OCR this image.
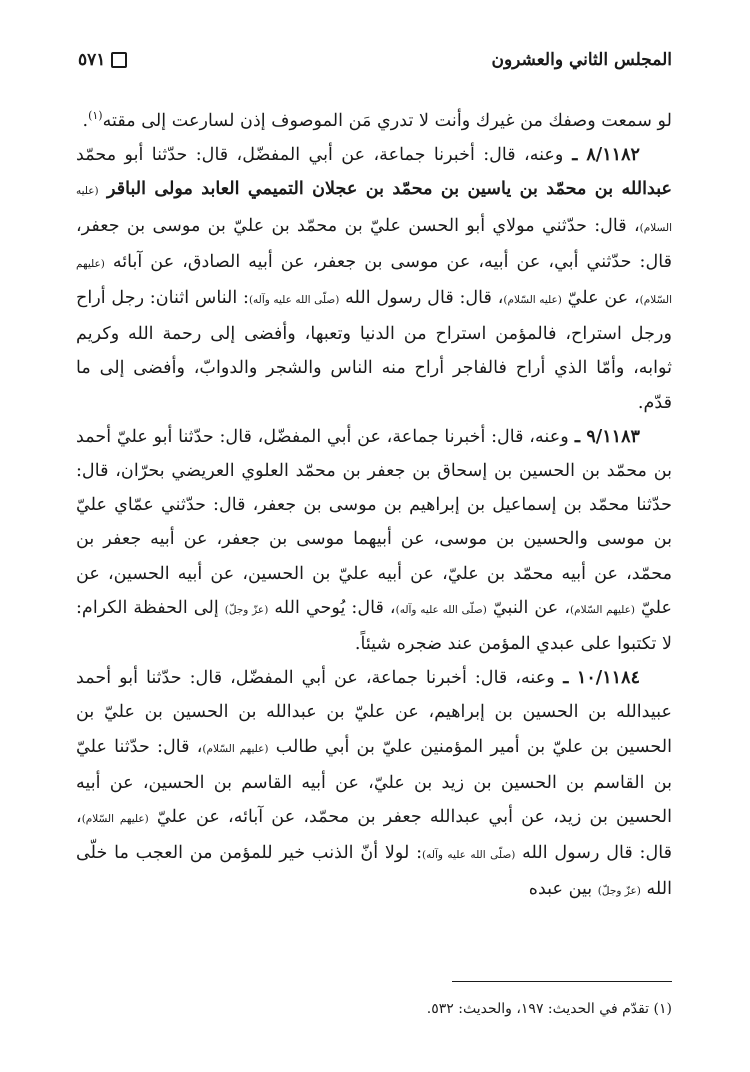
المجلس الثاني والعشرون
٥٧١

لو سمعت وصفك من غيرك وأنت لا تدري مَن الموصوف إذن لسارعت إلى مقته$^{(١)}$.

٨/١١٨٢ ـ وعنه، قال: أخبرنا جماعة، عن أبي المفضّل، قال: حدّثنا أبو محمّد عبدالله بن محمّد بن ياسين بن محمّد بن عجلان التميمي العابد مولى الباقر (عليه السلام)، قال: حدّثني مولاي أبو الحسن عليّ بن محمّد بن عليّ بن موسى بن جعفر، قال: حدّثني أبي، عن أبيه، عن موسى بن جعفر، عن أبيه الصادق، عن آبائه (عليهم السّلام)، عن عليّ (عليه السّلام)، قال: قال رسول الله (صلّى الله عليه وآله): الناس اثنان: رجل أراح ورجل استراح، فالمؤمن استراح من الدنيا وتعبها، وأفضى إلى رحمة الله وكريم ثوابه، وأمّا الذي أراح فالفاجر أراح منه الناس والشجر والدوابّ، وأفضى إلى ما قدّم.

٩/١١٨٣ ـ وعنه، قال: أخبرنا جماعة، عن أبي المفضّل، قال: حدّثنا أبو عليّ أحمد بن محمّد بن الحسين بن إسحاق بن جعفر بن محمّد العلوي العريضي بحرّان، قال: حدّثنا محمّد بن إسماعيل بن إبراهيم بن موسى بن جعفر، قال: حدّثني عمّاي عليّ بن موسى والحسين بن موسى، عن أبيهما موسى بن جعفر، عن أبيه جعفر بن محمّد، عن أبيه محمّد بن عليّ، عن أبيه عليّ بن الحسين، عن أبيه الحسين، عن عليّ (عليهم السّلام)، عن النبيّ (صلّى الله عليه وآله)، قال: يُوحي الله (عزّ وجلّ) إلى الحفظة الكرام: لا تكتبوا على عبدي المؤمن عند ضجره شيئاً.

١٠/١١٨٤ ـ وعنه، قال: أخبرنا جماعة، عن أبي المفضّل، قال: حدّثنا أبو أحمد عبيدالله بن الحسين بن إبراهيم، عن عليّ بن عبدالله بن الحسين بن عليّ بن الحسين بن عليّ بن أمير المؤمنين عليّ بن أبي طالب (عليهم السّلام)، قال: حدّثنا عليّ بن القاسم بن الحسين بن زيد بن عليّ، عن أبيه القاسم بن الحسين، عن أبيه الحسين بن زيد، عن أبي عبدالله جعفر بن محمّد، عن آبائه، عن عليّ (عليهم السّلام)، قال: قال رسول الله (صلّى الله عليه وآله): لولا أنّ الذنب خير للمؤمن من العجب ما خلّى الله (عزّ وجلّ) بين عبده

(١) تقدّم في الحديث: ١٩٧، والحديث: ٥٣٢.
